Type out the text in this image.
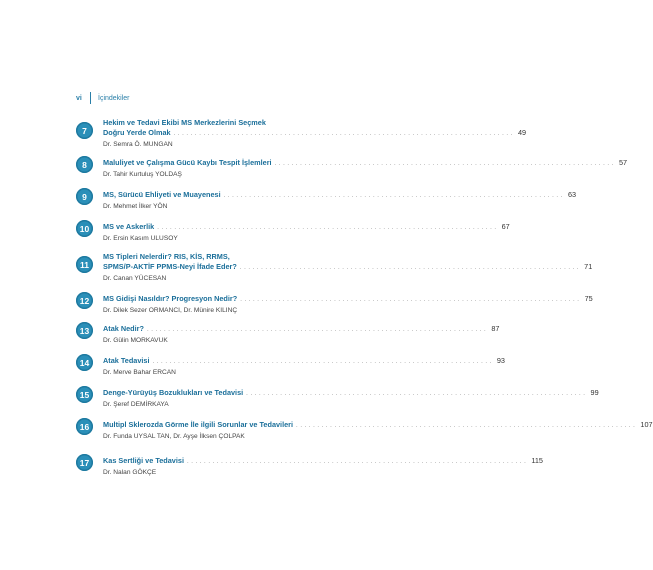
vi	İçindekiler
7
Hekim ve Tedavi Ekibi MS Merkezlerini Seçmek
Doğru Yerde Olmak ................................................................................ 49
Dr. Semra Ö. MUNGAN
8	Maluliyet ve Çalışma Gücü Kaybı Tespit İşlemleri ................................................................................ 57
Dr. Tahir Kurtuluş YOLDAŞ
9	MS, Sürücü Ehliyeti ve Muayenesi ................................................................................ 63
Dr. Mehmet İlker YÖN
10	MS ve Askerlik ................................................................................ 67
Dr. Ersin Kasım ULUSOY
11
MS Tipleri Nelerdir? RIS, KİS, RRMS,
SPMS/P-AKTİF PPMS-Neyi İfade Eder? ................................................................................ 71
Dr. Canan YÜCESAN
12	MS Gidişi Nasıldır? Progresyon Nedir? ................................................................................ 75
Dr. Dilek Sezer ORMANCI, Dr. Münire KILINÇ
13	Atak Nedir? ................................................................................ 87
Dr. Gülin MORKAVUK
14	Atak Tedavisi ................................................................................ 93
Dr. Merve Bahar ERCAN
15	Denge-Yürüyüş Bozuklukları ve Tedavisi ................................................................................ 99
Dr. Şeref DEMİRKAYA
16	Multipl Sklerozda Görme İle ilgili Sorunlar ve Tedavileri ................................................................................ 107
Dr. Funda UYSAL TAN, Dr. Ayşe İlksen ÇOLPAK
17	Kas Sertliği ve Tedavisi ................................................................................ 115
Dr. Nalan GÖKÇE
